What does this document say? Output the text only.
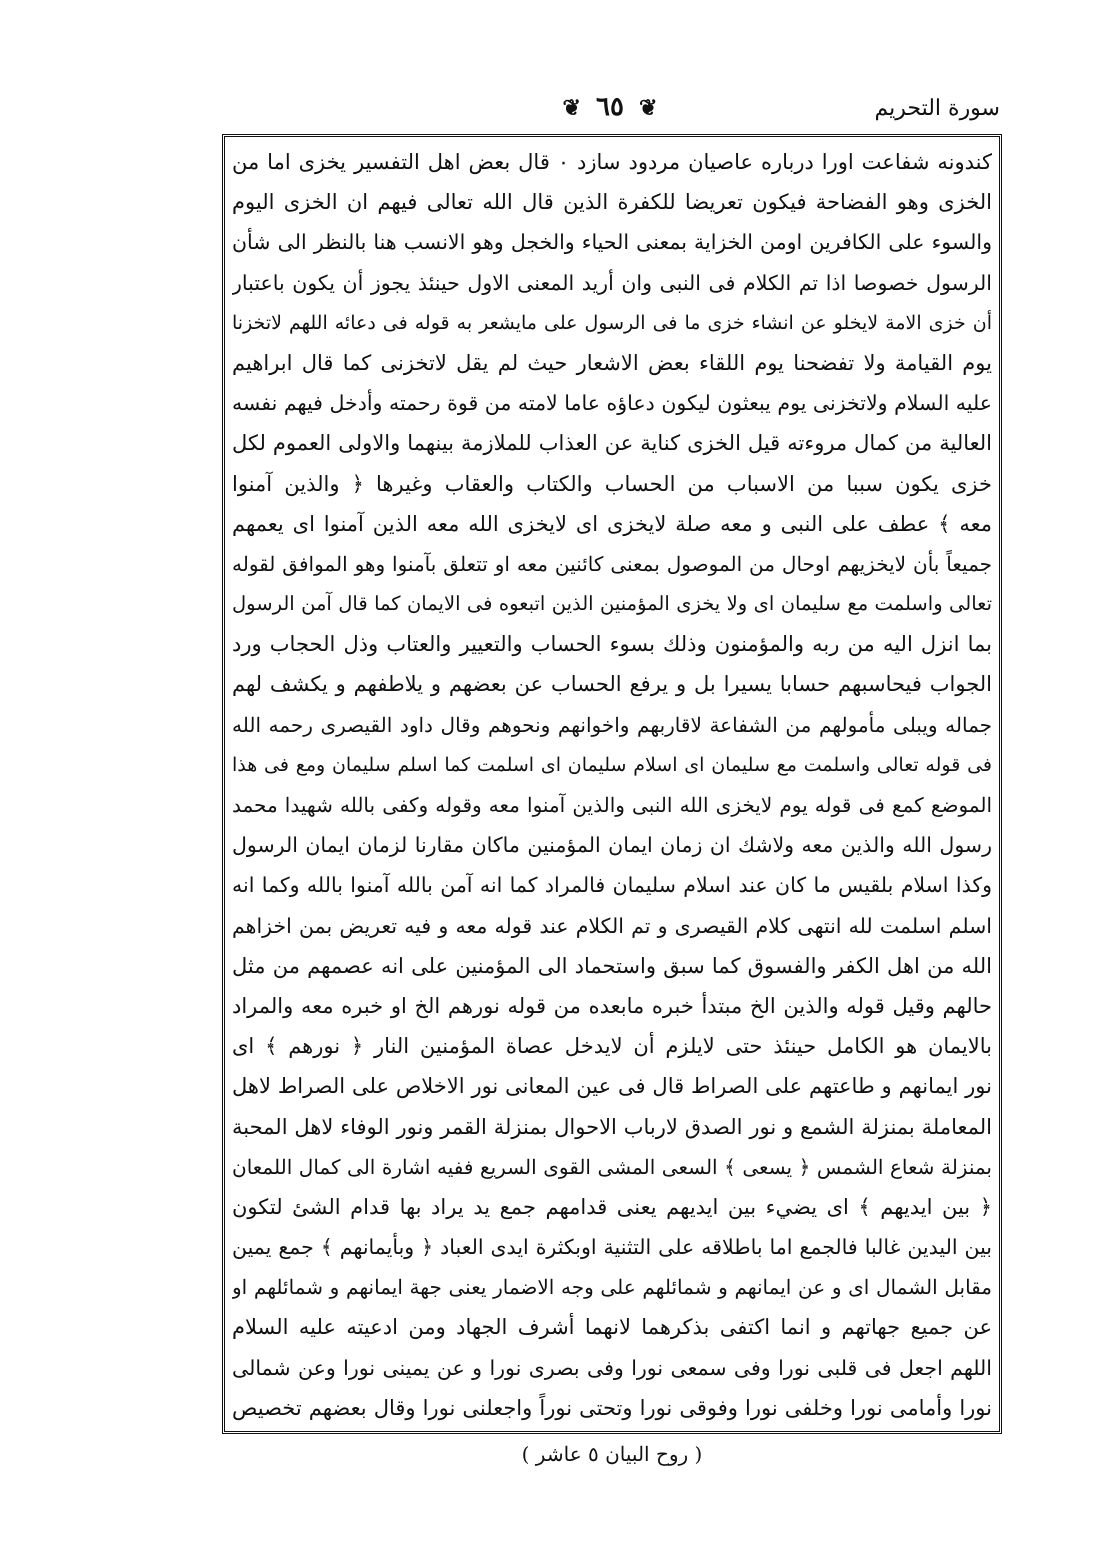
❦ ٦٥ ❦	سورة التحريم
كندونه شفاعت اورا درباره عاصيان مردود سازد ٠ قال بعض اهل التفسير يخزى اما من
الخزى وهو الفضاحة فيكون تعريضا للكفرة الذين قال الله تعالى فيهم ان الخزى اليوم
والسوء على الكافرين اومن الخزاية بمعنى الحياء والخجل وهو الانسب هنا بالنظر الى شأن
الرسول خصوصا اذا تم الكلام فى النبى وان أريد المعنى الاول حينئذ يجوز أن يكون باعتبار
أن خزى الامة لايخلو عن انشاء خزى ما فى الرسول على مايشعر به قوله فى دعائه اللهم لاتخزنا
يوم القيامة ولا تفضحنا يوم اللقاء بعض الاشعار حيث لم يقل لاتخزنى كما قال ابراهيم
عليه السلام ولاتخزنى يوم يبعثون ليكون دعاؤه عاما لامته من قوة رحمته وأدخل فيهم نفسه
العالية من كمال مروءته قيل الخزى كناية عن العذاب للملازمة بينهما والاولى العموم لكل
خزى يكون سببا من الاسباب من الحساب والكتاب والعقاب وغيرها ﴿ والذين آمنوا
معه ﴾ عطف على النبى و معه صلة لايخزى اى لايخزى الله معه الذين آمنوا اى يعمهم
جميعاً بأن لايخزيهم اوحال من الموصول بمعنى كائنين معه او تتعلق بآمنوا وهو الموافق لقوله
تعالى واسلمت مع سليمان اى ولا يخزى المؤمنين الذين اتبعوه فى الايمان كما قال آمن الرسول
بما انزل اليه من ربه والمؤمنون وذلك بسوء الحساب والتعيير والعتاب وذل الحجاب ورد
الجواب فيحاسبهم حسابا يسيرا بل و يرفع الحساب عن بعضهم و يلاطفهم و يكشف لهم
جماله ويبلى مأمولهم من الشفاعة لاقاربهم واخوانهم ونحوهم وقال داود القيصرى رحمه الله
فى قوله تعالى واسلمت مع سليمان اى اسلام سليمان اى اسلمت كما اسلم سليمان ومع فى هذا
الموضع كمع فى قوله يوم لايخزى الله النبى والذين آمنوا معه وقوله وكفى بالله شهيدا محمد
رسول الله والذين معه ولاشك ان زمان ايمان المؤمنين ماكان مقارنا لزمان ايمان الرسول
وكذا اسلام بلقيس ما كان عند اسلام سليمان فالمراد كما انه آمن بالله آمنوا بالله وكما انه
اسلم اسلمت لله انتهى كلام القيصرى و تم الكلام عند قوله معه و فيه تعريض بمن اخزاهم
الله من اهل الكفر والفسوق كما سبق واستحماد الى المؤمنين على انه عصمهم من مثل
حالهم وقيل قوله والذين الخ مبتدأ خبره مابعده من قوله نورهم الخ او خبره معه والمراد
بالايمان هو الكامل حينئذ حتى لايلزم أن لايدخل عصاة المؤمنين النار ﴿ نورهم ﴾ اى
نور ايمانهم و طاعتهم على الصراط قال فى عين المعانى نور الاخلاص على الصراط لاهل
المعاملة بمنزلة الشمع و نور الصدق لارباب الاحوال بمنزلة القمر ونور الوفاء لاهل المحبة
بمنزلة شعاع الشمس ﴿ يسعى ﴾ السعى المشى القوى السريع ففيه اشارة الى كمال اللمعان
﴿ بين ايديهم ﴾ اى يضيء بين ايديهم يعنى قدامهم جمع يد يراد بها قدام الشئ لتكون
بين اليدين غالبا فالجمع اما باطلاقه على التثنية اوبكثرة ايدى العباد ﴿ وبأيمانهم ﴾ جمع يمين
مقابل الشمال اى و عن ايمانهم و شمائلهم على وجه الاضمار يعنى جهة ايمانهم و شمائلهم او
عن جميع جهاتهم و انما اكتفى بذكرهما لانهما أشرف الجهاد ومن ادعيته عليه السلام
اللهم اجعل فى قلبى نورا وفى سمعى نورا وفى بصرى نورا و عن يمينى نورا وعن شمالى
نورا وأمامى نورا وخلفى نورا وفوقى نورا وتحتى نوراً واجعلنى نورا وقال بعضهم تخصيص
( روح البيان ٥ عاشر )
